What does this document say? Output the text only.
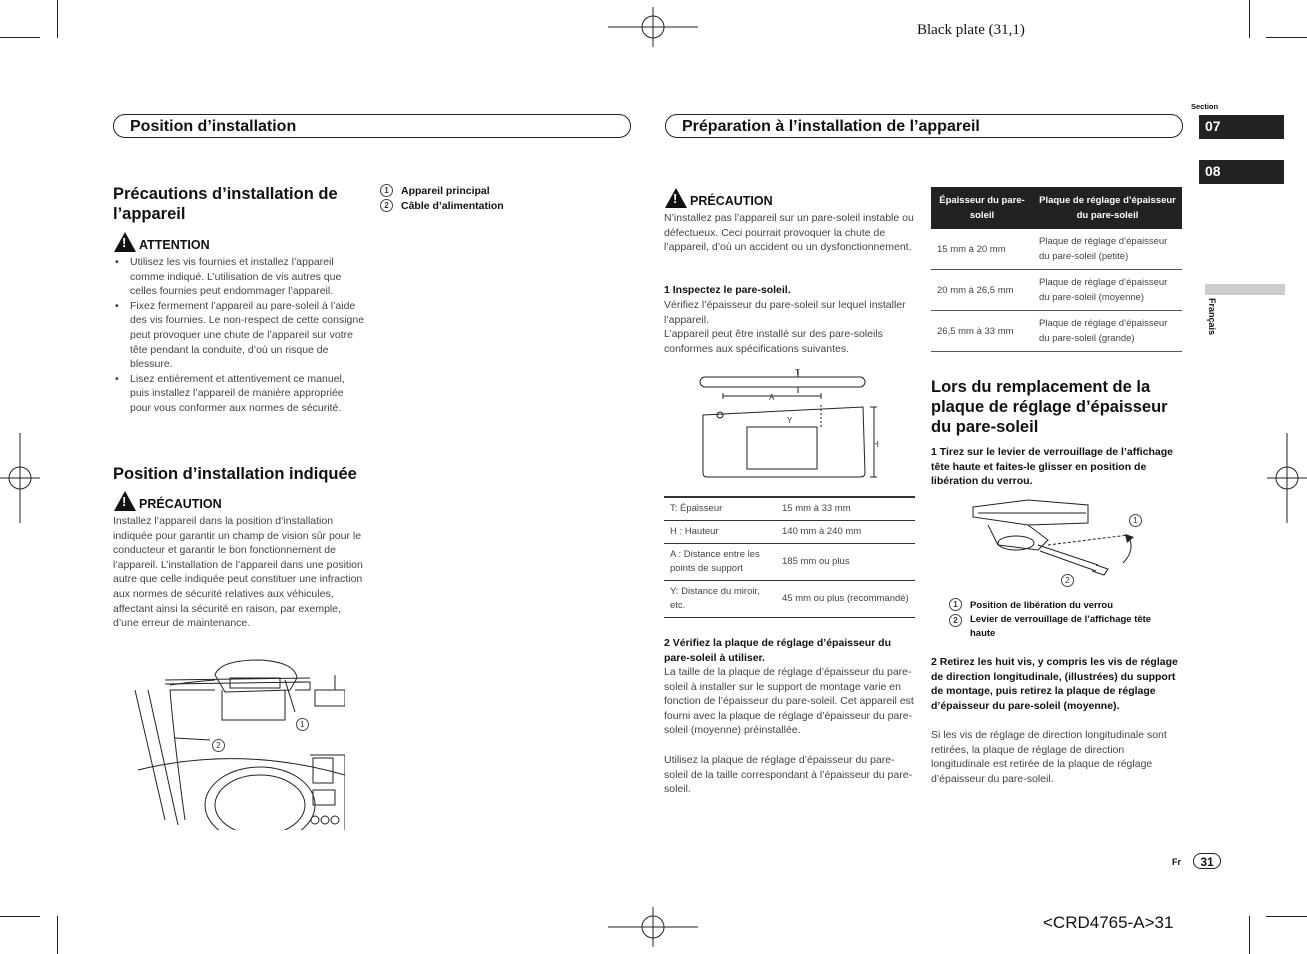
Black plate (31,1)
<CRD4765-A>31
Position d’installation	Préparation à l’installation de l’appareil
Section
07
08
Français
Précautions d’installation de l’appareil
!
ATTENTION
• Utilisez les vis fournies et installez l’appareil comme indiqué. L’utilisation de vis autres que celles fournies peut endommager l’appareil.
• Fixez fermement l’appareil au pare-soleil à l’aide des vis fournies. Le non-respect de cette consigne peut provoquer une chute de l’appareil sur votre tête pendant la conduite, d’où un risque de blessure.
• Lisez entièrement et attentivement ce manuel, puis installez l’appareil de manière appropriée pour vous conformer aux normes de sécurité.
Position d’installation indiquée
!
PRÉCAUTION
Installez l’appareil dans la position d’installation indiquée pour garantir un champ de vision sûr pour le conducteur et garantir le bon fonctionnement de l’appareil. L’installation de l’appareil dans une position autre que celle indiquée peut constituer une infraction aux normes de sécurité relatives aux véhicules, affectant ainsi la sécurité en raison, par exemple, d’une erreur de maintenance.
1
2
1 Appareil principal
2 Câble d’alimentation !	PRÉCAUTION
N’installez pas l’appareil sur un pare-soleil instable ou défectueux. Ceci pourrait provoquer la chute de l’appareil, d’où un accident ou un dysfonctionnement.
1 Inspectez le pare-soleil.
Vérifiez l’épaisseur du pare-soleil sur lequel installer l’appareil.
L’appareil peut être installé sur des pare-soleils conformes aux spécifications suivantes.
T
A
Y
H
T: Épaisseur	15 mm à 33 mm
H : Hauteur	140 mm à 240 mm
A : Distance entre les points de support	185 mm ou plus
Y: Distance du miroir, etc.	45 mm ou plus (recommandé)
2 Vérifiez la plaque de réglage d’épaisseur du pare-soleil à utiliser.
La taille de la plaque de réglage d’épaisseur du pare-soleil à installer sur le support de montage varie en fonction de l’épaisseur du pare-soleil. Cet appareil est fourni avec la plaque de réglage d’épaisseur du pare-soleil (moyenne) préinstallée.
Utilisez la plaque de réglage d’épaisseur du pare-soleil de la taille correspondant à l’épaisseur du pare-soleil.
Épaisseur du pare-soleil	Plaque de réglage d’épaisseur du pare-soleil
15 mm à 20 mm	Plaque de réglage d’épaisseur du pare-soleil (petite)
20 mm à 26,5 mm	Plaque de réglage d’épaisseur du pare-soleil (moyenne)
26,5 mm à 33 mm	Plaque de réglage d’épaisseur du pare-soleil (grande)
Lors du remplacement de la plaque de réglage d’épaisseur du pare-soleil
1 Tirez sur le levier de verrouillage de l’affichage tête haute et faites-le glisser en position de libération du verrou.
1
2
1 Position de libération du verrou
2	Levier de verrouillage de l’affichage tête haute
2 Retirez les huit vis, y compris les vis de réglage de direction longitudinale, (illustrées) du support de montage, puis retirez la plaque de réglage d’épaisseur du pare-soleil (moyenne).
Si les vis de réglage de direction longitudinale sont retirées, la plaque de réglage de direction longitudinale est retirée de la plaque de réglage d’épaisseur du pare-soleil.
Fr	31
